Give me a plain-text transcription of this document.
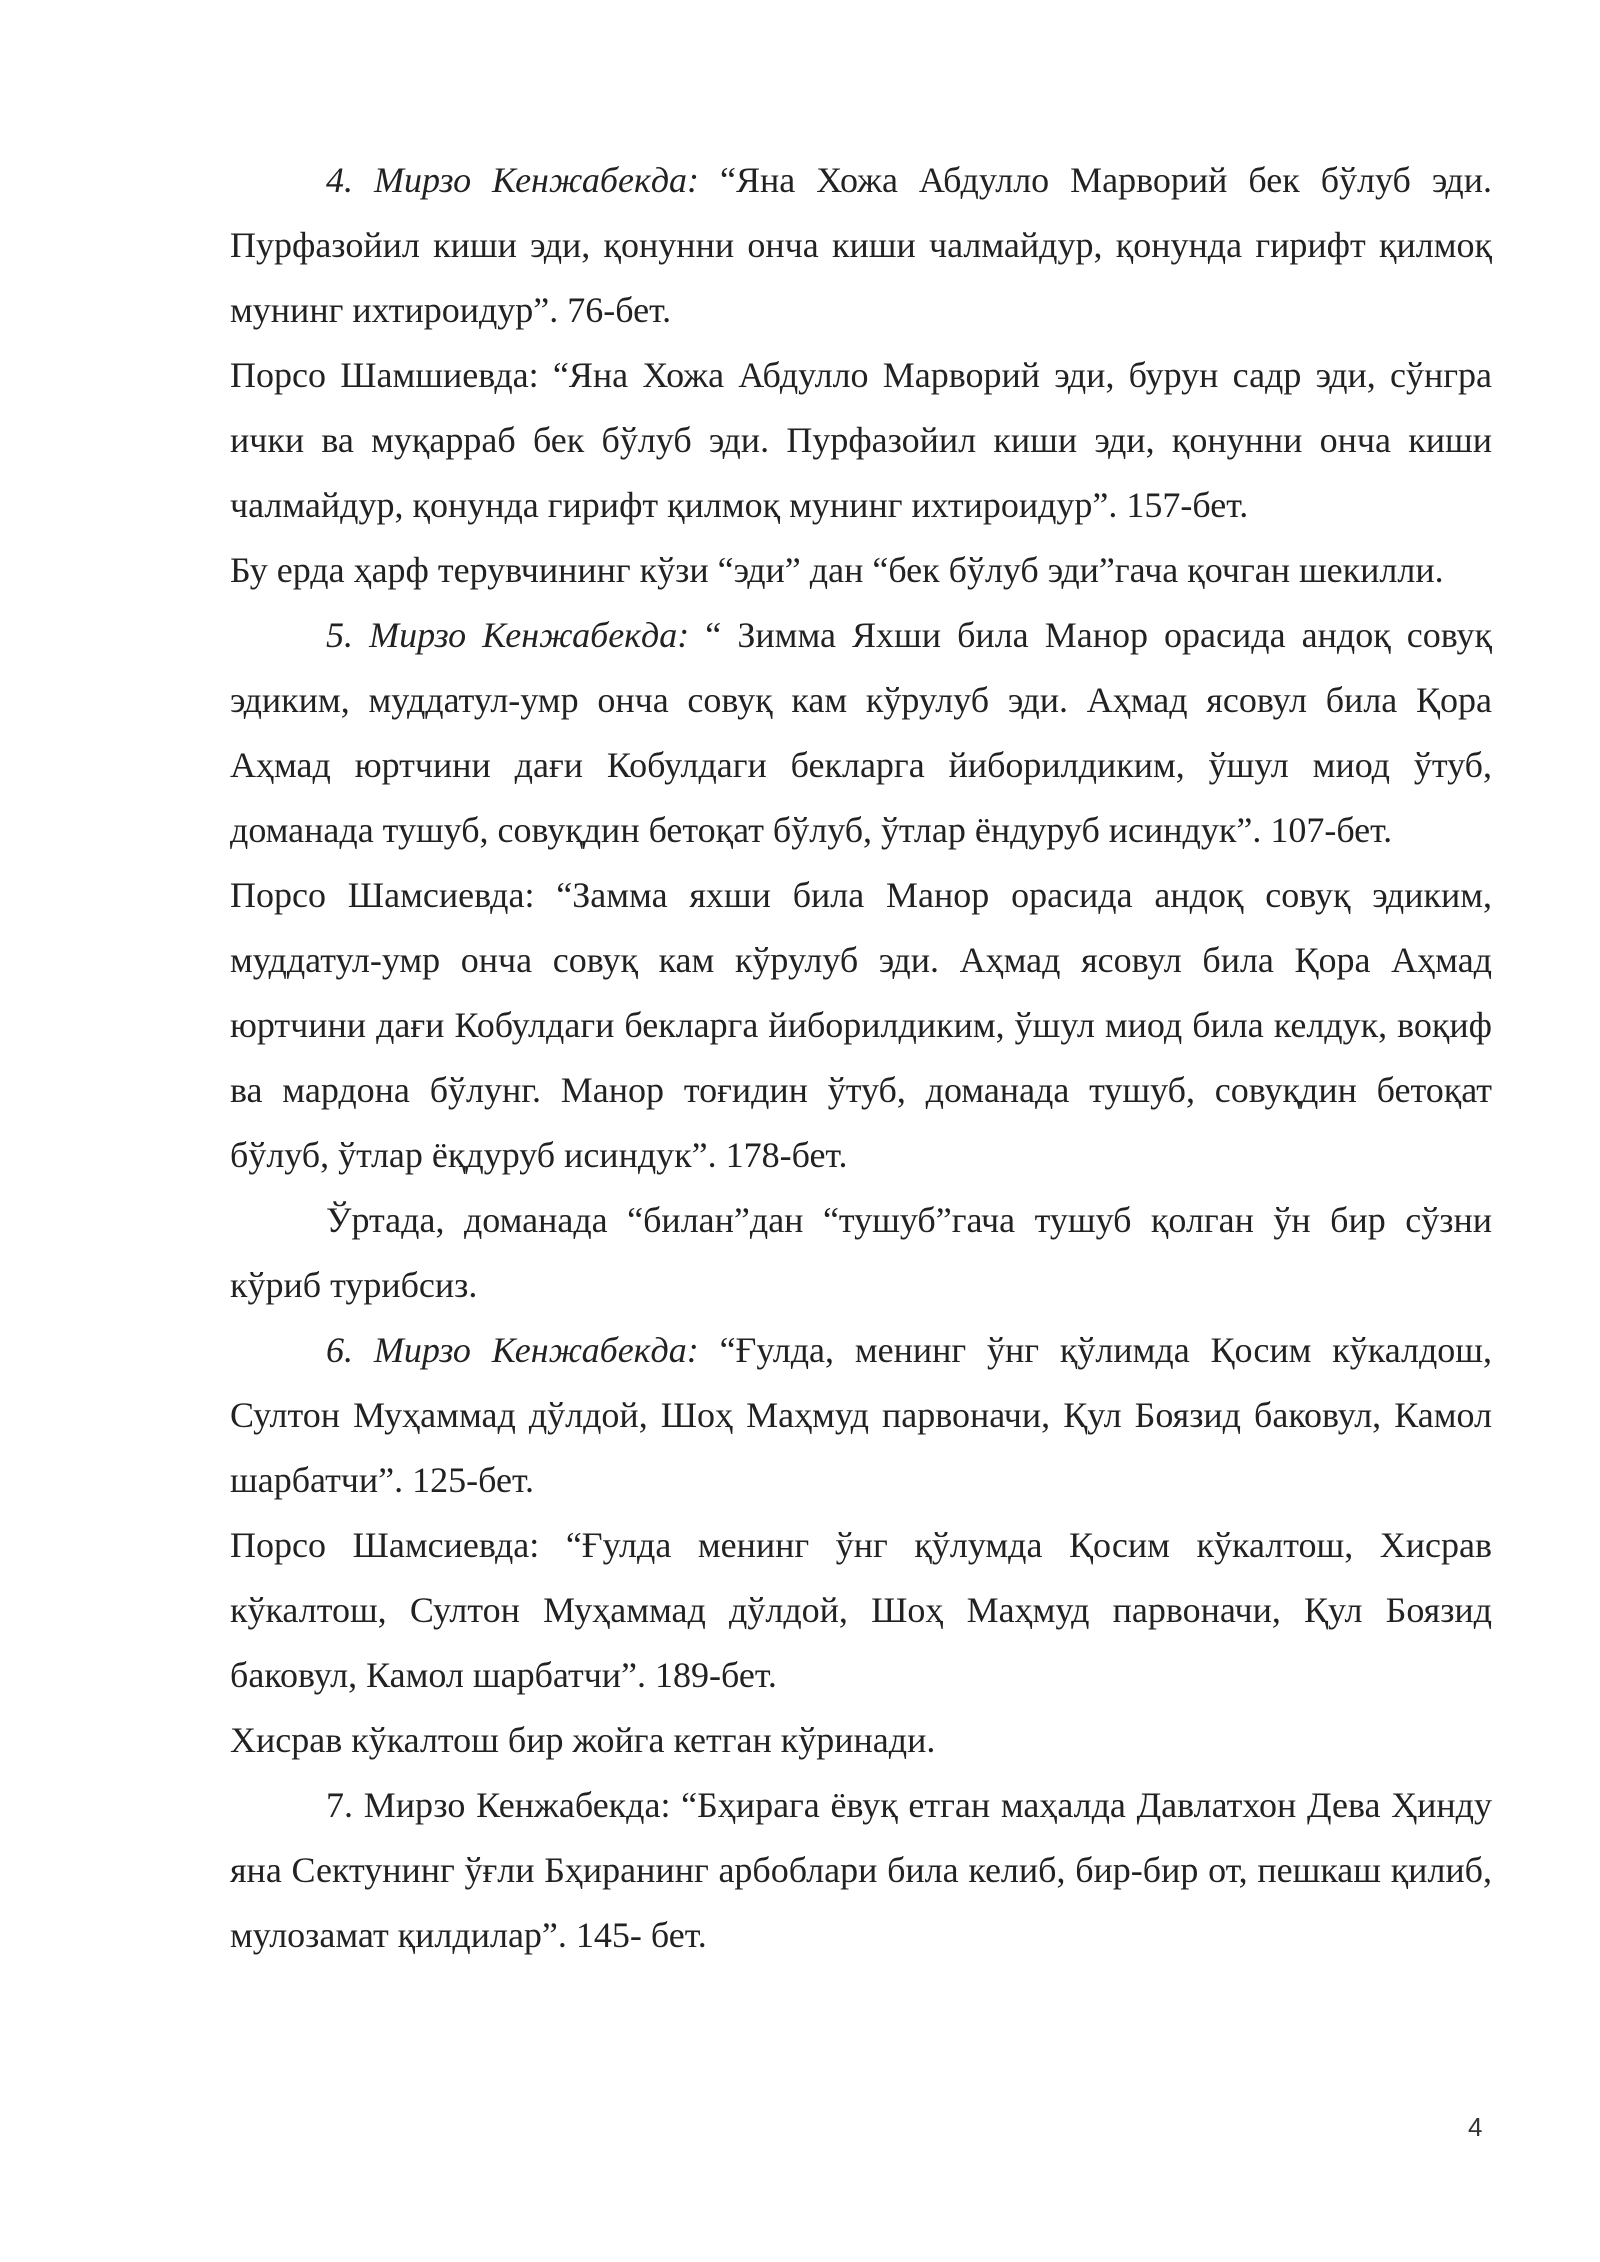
4. Мирзо Кенжабекда: “Яна Хожа Абдулло Марворий бек бўлуб эди. Пурфазойил киши эди, қонунни онча киши чалмайдур, қонунда гирифт қилмоқ мунинг ихтироидур”. 76-бет.

Порсо Шамшиевда: “Яна Хожа Абдулло Марворий эди, бурун садр эди, сўнгра ички ва муқарраб бек бўлуб эди. Пурфазойил киши эди, қонунни онча киши чалмайдур, қонунда гирифт қилмоқ мунинг ихтироидур”. 157-бет.

Бу ерда ҳарф терувчининг кўзи “эди” дан “бек бўлуб эди”гача қочган шекилли.

5. Мирзо Кенжабекда: “ Зимма Яхши била Манор орасида андоқ совуқ эдиким, муддатул-умр онча совуқ кам кўрулуб эди. Аҳмад ясовул била Қора Аҳмад юртчини дағи Кобулдаги бекларга йиборилдиким, ўшул миод ўтуб, доманада тушуб, совуқдин бетоқат бўлуб, ўтлар ёндуруб исиндук”. 107-бет.

Порсо Шамсиевда: “Замма яхши била Манор орасида андоқ совуқ эдиким, муддатул-умр онча совуқ кам кўрулуб эди. Аҳмад ясовул била Қора Аҳмад юртчини дағи Кобулдаги бекларга йиборилдиким, ўшул миод била келдук, воқиф ва мардона бўлунг. Манор тоғидин ўтуб, доманада тушуб, совуқдин бетоқат бўлуб, ўтлар ёқдуруб исиндук”. 178-бет.

Ўртада, доманада “билан”дан “тушуб”гача тушуб қолган ўн бир сўзни кўриб турибсиз.

6. Мирзо Кенжабекда: “Ғулда, менинг ўнг қўлимда Қосим кўкалдош, Султон Муҳаммад дўлдой, Шоҳ Маҳмуд парвоначи, Қул Боязид баковул, Камол шарбатчи”. 125-бет.

Порсо Шамсиевда: “Ғулда менинг ўнг қўлумда Қосим кўкалтош, Хисрав кўкалтош, Султон Муҳаммад дўлдой, Шоҳ Маҳмуд парвоначи, Қул Боязид баковул, Камол шарбатчи”. 189-бет.

Хисрав кўкалтош бир жойга кетган кўринади.

7. Мирзо Кенжабекда: “Бҳирага ёвуқ етган маҳалда Давлатхон Дева Ҳинду яна Сектунинг ўғли Бҳиранинг арбоблари била келиб, бир-бир от, пешкаш қилиб, мулозамат қилдилар”. 145- бет.

4
